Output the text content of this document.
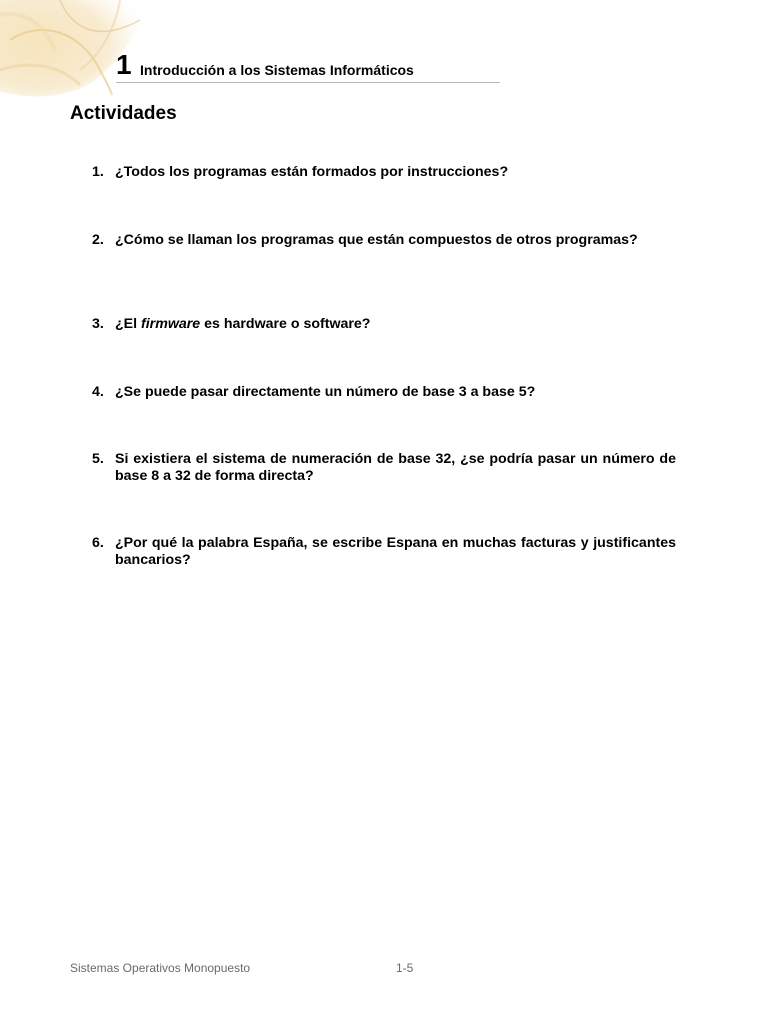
1 Introducción a los Sistemas Informáticos
Actividades
1. ¿Todos los programas están formados por instrucciones?
2. ¿Cómo se llaman los programas que están compuestos de otros programas?
3. ¿El firmware es hardware o software?
4. ¿Se puede pasar directamente un número de base 3 a base 5?
5. Si existiera el sistema de numeración de base 32, ¿se podría pasar un número de base 8 a 32 de forma directa?
6. ¿Por qué la palabra España, se escribe Espana en muchas facturas y justificantes bancarios?
Sistemas Operativos Monopuesto	1-5
